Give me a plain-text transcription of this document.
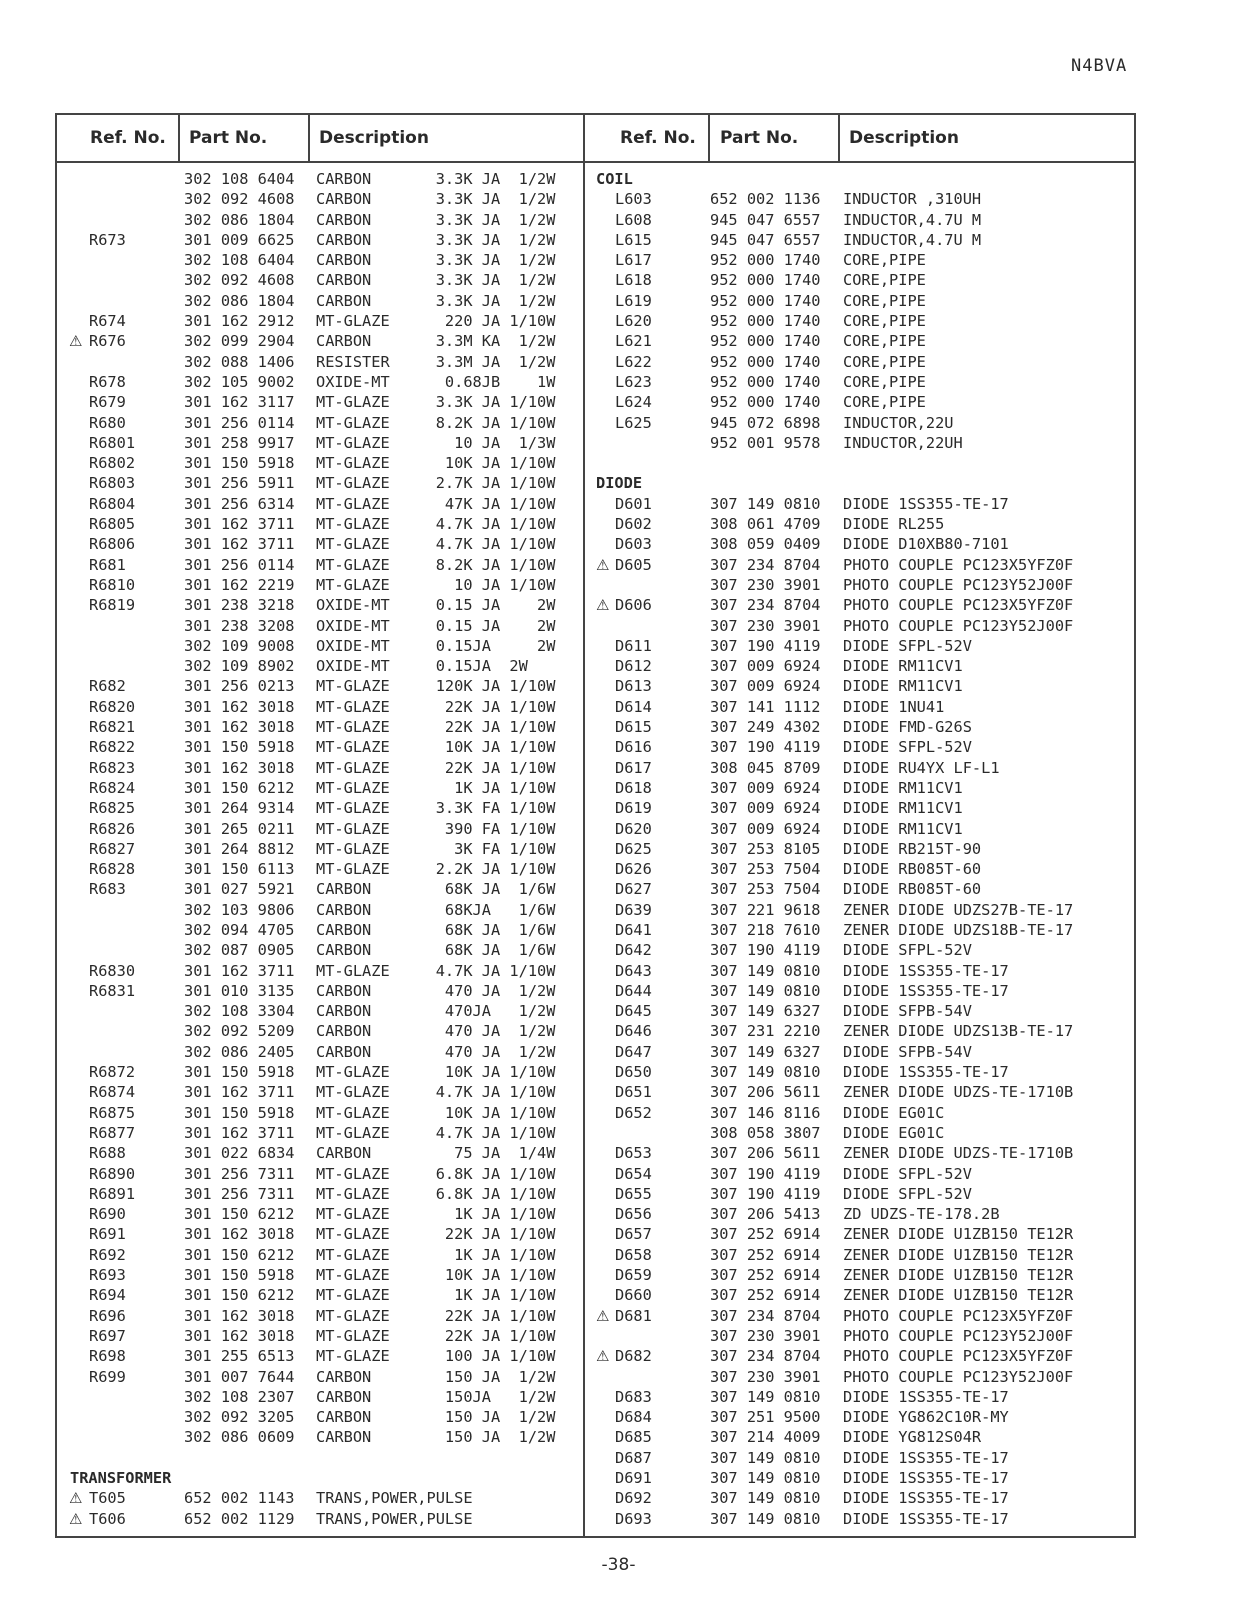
N4BVA
Ref. No. Part No.	Description	Ref. No. Part No.	Description
302 108 6404 CARBON       3.3K JA  1/2W
302 092 4608 CARBON       3.3K JA  1/2W
302 086 1804 CARBON       3.3K JA  1/2W
R673	301 009 6625 CARBON       3.3K JA  1/2W
302 108 6404 CARBON       3.3K JA  1/2W
302 092 4608 CARBON       3.3K JA  1/2W
302 086 1804 CARBON       3.3K JA  1/2W
R674	301 162 2912 MT-GLAZE      220 JA 1/10W
⚠ R676	302 099 2904 CARBON       3.3M KA  1/2W
302 088 1406 RESISTER     3.3M JA  1/2W
R678	302 105 9002 OXIDE-MT      0.68JB    1W
R679	301 162 3117 MT-GLAZE     3.3K JA 1/10W
R680	301 256 0114 MT-GLAZE     8.2K JA 1/10W
R6801	301 258 9917 MT-GLAZE       10 JA  1/3W
R6802	301 150 5918 MT-GLAZE      10K JA 1/10W
R6803	301 256 5911 MT-GLAZE     2.7K JA 1/10W
R6804	301 256 6314 MT-GLAZE      47K JA 1/10W
R6805	301 162 3711 MT-GLAZE     4.7K JA 1/10W
R6806	301 162 3711 MT-GLAZE     4.7K JA 1/10W
R681	301 256 0114 MT-GLAZE     8.2K JA 1/10W
R6810	301 162 2219 MT-GLAZE       10 JA 1/10W
R6819	301 238 3218 OXIDE-MT     0.15 JA    2W
301 238 3208 OXIDE-MT     0.15 JA    2W
302 109 9008 OXIDE-MT     0.15JA     2W
302 109 8902 OXIDE-MT     0.15JA  2W
R682	301 256 0213 MT-GLAZE     120K JA 1/10W
R6820	301 162 3018 MT-GLAZE      22K JA 1/10W
R6821	301 162 3018 MT-GLAZE      22K JA 1/10W
R6822	301 150 5918 MT-GLAZE      10K JA 1/10W
R6823	301 162 3018 MT-GLAZE      22K JA 1/10W
R6824	301 150 6212 MT-GLAZE       1K JA 1/10W
R6825	301 264 9314 MT-GLAZE     3.3K FA 1/10W
R6826	301 265 0211 MT-GLAZE      390 FA 1/10W
R6827	301 264 8812 MT-GLAZE       3K FA 1/10W
R6828	301 150 6113 MT-GLAZE     2.2K JA 1/10W
R683	301 027 5921 CARBON        68K JA  1/6W
302 103 9806 CARBON        68KJA   1/6W
302 094 4705 CARBON        68K JA  1/6W
302 087 0905 CARBON        68K JA  1/6W
R6830	301 162 3711 MT-GLAZE     4.7K JA 1/10W
R6831	301 010 3135 CARBON        470 JA  1/2W
302 108 3304 CARBON        470JA   1/2W
302 092 5209 CARBON        470 JA  1/2W
302 086 2405 CARBON        470 JA  1/2W
R6872	301 150 5918 MT-GLAZE      10K JA 1/10W
R6874	301 162 3711 MT-GLAZE     4.7K JA 1/10W
R6875	301 150 5918 MT-GLAZE      10K JA 1/10W
R6877	301 162 3711 MT-GLAZE     4.7K JA 1/10W
R688	301 022 6834 CARBON         75 JA  1/4W
R6890	301 256 7311 MT-GLAZE     6.8K JA 1/10W
R6891	301 256 7311 MT-GLAZE     6.8K JA 1/10W
R690	301 150 6212 MT-GLAZE       1K JA 1/10W
R691	301 162 3018 MT-GLAZE      22K JA 1/10W
R692	301 150 6212 MT-GLAZE       1K JA 1/10W
R693	301 150 5918 MT-GLAZE      10K JA 1/10W
R694	301 150 6212 MT-GLAZE       1K JA 1/10W
R696	301 162 3018 MT-GLAZE      22K JA 1/10W
R697	301 162 3018 MT-GLAZE      22K JA 1/10W
R698	301 255 6513 MT-GLAZE      100 JA 1/10W
R699	301 007 7644 CARBON        150 JA  1/2W
302 108 2307 CARBON        150JA   1/2W
302 092 3205 CARBON        150 JA  1/2W
302 086 0609 CARBON        150 JA  1/2W
TRANSFORMER
⚠ T605	652 002 1143 TRANS,POWER,PULSE
⚠ T606	652 002 1129 TRANS,POWER,PULSE
COIL
L603	652 002 1136 INDUCTOR ,310UH
L608	945 047 6557 INDUCTOR,4.7U M
L615	945 047 6557 INDUCTOR,4.7U M
L617	952 000 1740 CORE,PIPE
L618	952 000 1740 CORE,PIPE
L619	952 000 1740 CORE,PIPE
L620	952 000 1740 CORE,PIPE
L621	952 000 1740 CORE,PIPE
L622	952 000 1740 CORE,PIPE
L623	952 000 1740 CORE,PIPE
L624	952 000 1740 CORE,PIPE
L625	945 072 6898 INDUCTOR,22U
952 001 9578 INDUCTOR,22UH
DIODE
D601	307 149 0810 DIODE 1SS355-TE-17
D602	308 061 4709 DIODE RL255
D603	308 059 0409 DIODE D10XB80-7101
⚠ D605	307 234 8704 PHOTO COUPLE PC123X5YFZ0F
307 230 3901 PHOTO COUPLE PC123Y52J00F
⚠ D606	307 234 8704 PHOTO COUPLE PC123X5YFZ0F
307 230 3901 PHOTO COUPLE PC123Y52J00F
D611	307 190 4119 DIODE SFPL-52V
D612	307 009 6924 DIODE RM11CV1
D613	307 009 6924 DIODE RM11CV1
D614	307 141 1112 DIODE 1NU41
D615	307 249 4302 DIODE FMD-G26S
D616	307 190 4119 DIODE SFPL-52V
D617	308 045 8709 DIODE RU4YX LF-L1
D618	307 009 6924 DIODE RM11CV1
D619	307 009 6924 DIODE RM11CV1
D620	307 009 6924 DIODE RM11CV1
D625	307 253 8105 DIODE RB215T-90
D626	307 253 7504 DIODE RB085T-60
D627	307 253 7504 DIODE RB085T-60
D639	307 221 9618 ZENER DIODE UDZS27B-TE-17
D641	307 218 7610 ZENER DIODE UDZS18B-TE-17
D642	307 190 4119 DIODE SFPL-52V
D643	307 149 0810 DIODE 1SS355-TE-17
D644	307 149 0810 DIODE 1SS355-TE-17
D645	307 149 6327 DIODE SFPB-54V
D646	307 231 2210 ZENER DIODE UDZS13B-TE-17
D647	307 149 6327 DIODE SFPB-54V
D650	307 149 0810 DIODE 1SS355-TE-17
D651	307 206 5611 ZENER DIODE UDZS-TE-1710B
D652	307 146 8116 DIODE EG01C
308 058 3807 DIODE EG01C
D653	307 206 5611 ZENER DIODE UDZS-TE-1710B
D654	307 190 4119 DIODE SFPL-52V
D655	307 190 4119 DIODE SFPL-52V
D656	307 206 5413 ZD UDZS-TE-178.2B
D657	307 252 6914 ZENER DIODE U1ZB150 TE12R
D658	307 252 6914 ZENER DIODE U1ZB150 TE12R
D659	307 252 6914 ZENER DIODE U1ZB150 TE12R
D660	307 252 6914 ZENER DIODE U1ZB150 TE12R
⚠ D681	307 234 8704 PHOTO COUPLE PC123X5YFZ0F
307 230 3901 PHOTO COUPLE PC123Y52J00F
⚠ D682	307 234 8704 PHOTO COUPLE PC123X5YFZ0F
307 230 3901 PHOTO COUPLE PC123Y52J00F
D683	307 149 0810 DIODE 1SS355-TE-17
D684	307 251 9500 DIODE YG862C10R-MY
D685	307 214 4009 DIODE YG812S04R
D687	307 149 0810 DIODE 1SS355-TE-17
D691	307 149 0810 DIODE 1SS355-TE-17
D692	307 149 0810 DIODE 1SS355-TE-17
D693	307 149 0810 DIODE 1SS355-TE-17
-38-
